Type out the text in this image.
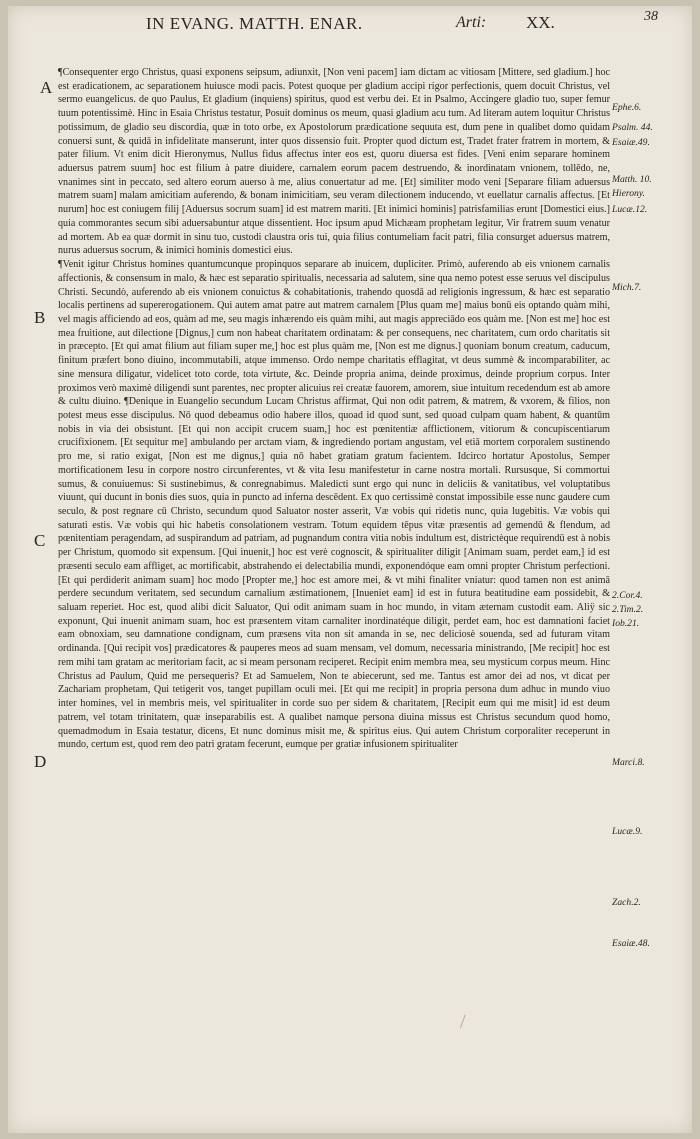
IN EVANG. MATTH. ENAR.	Arti: XX.	38
A
B
C
D

¶Consequenter ergo Christus, quasi exponens seipsum, adiunxit, [Non veni pacem] iam dictam ac vitiosam [Mittere, sed gladium.] hoc est eradicationem, ac separationem huiusce modi pacis. Potest quoque per gladium accipi rigor perfectionis, quem docuit Christus, vel sermo euangelicus. de quo Paulus, Et gladium (inquiens) spiritus, quod est verbu dei. Et in Psalmo, Accingere gladio tuo, super femur tuum potentissimè. Hinc in Esaia Christus testatur, Posuit dominus os meum, quasi gladium acu tum. Ad literam autem loquitur Christus potissimum, de gladio seu discordia, quæ in toto orbe, ex Apostolorum prædicatione sequuta est, dum pene in qualibet domo quidam conuersi sunt, & quidā in infidelitate manserunt, inter quos dissensio fuit. Propter quod dictum est, Tradet frater fratrem in mortem, & pater filium. Vt enim dicit Hieronymus, Nullus fidus affectus inter eos est, quoru diuersa est fides. [Veni enim separare hominem aduersus patrem suum] hoc est filium à patre diuidere, carnalem eorum pacem destruendo, & inordinatam vnionem, tollēdo, ne, vnanimes sint in peccato, sed altero eorum auerso à me, alius conuertatur ad me. [Et] similiter modo veni [Separare filiam aduersus matrem suam] malam amicitiam auferendo, & bonam inimicitiam, seu veram dilectionem inducendo, vt euellatur carnalis affectus. [Et nurum] hoc est coniugem filij [Aduersus socrum suam] id est matrem mariti. [Et inimici hominis] patrisfamilias erunt [Domestici eius.] quia commorantes secum sibi aduersabuntur atque dissentient. Hoc ipsum apud Michæam prophetam legitur, Vir fratrem suum venatur ad mortem. Ab ea quæ dormit in sinu tuo, custodi claustra oris tui, quia filius contumeliam facit patri, filia consurget aduersus matrem, nurus aduersus socrum, & inimici hominis domestici eius.

¶Venit igitur Christus homines quantumcunque propinquos separare ab inuicem, dupliciter. Primò, auferendo ab eis vnionem carnalis affectionis, & consensum in malo, & hæc est separatio spiritualis, necessaria ad salutem, sine qua nemo potest esse seruus vel discipulus Christi. Secundò, auferendo ab eis vnionem conuictus & cohabitationis, trahendo quosdā ad religionis ingressum, & hæc est separatio localis pertinens ad supererogationem. Qui autem amat patre aut matrem carnalem [Plus quam me] maius bonū eis optando quàm mihi, vel magis afficiendo ad eos, quàm ad me, seu magis inhærendo eis quàm mihi, aut magis appreciādo eos quàm me. [Non est me] hoc est mea fruitione, aut dilectione [Dignus,] cum non habeat charitatem ordinatam: & per consequens, nec charitatem, cum ordo charitatis sit in præcepto. [Et qui amat filium aut filiam super me,] hoc est plus quàm me, [Non est me dignus.] quoniam bonum creatum, caducum, finitum præfert bono diuino, incommutabili, atque immenso. Ordo nempe charitatis efflagitat, vt deus summè & incomparabiliter, ac sine mensura diligatur, videlicet toto corde, tota virtute, &c. Deinde propria anima, deinde proximus, deinde proprium corpus. Inter proximos verò maximè diligendi sunt parentes, nec propter alicuius rei creatæ fauorem, amorem, siue intuitum recedendum est ab amore & cultu diuino. ¶Denique in Euangelio secundum Lucam Christus affirmat, Qui non odit patrem, & matrem, & vxorem, & filios, non potest meus esse discipulus. Nō quod debeamus odio habere illos, quoad id quod sunt, sed quoad culpam quam habent, & quantūm nobis in via dei obsistunt. [Et qui non accipit crucem suam,] hoc est pœnitentiæ afflictionem, vitiorum & concupiscentiarum crucifixionem. [Et sequitur me] ambulando per arctam viam, & ingrediendo portam angustam, vel etiā mortem corporalem sustinendo pro me, si ratio exigat, [Non est me dignus,] quia nō habet gratiam gratum facientem. Idcirco hortatur Apostolus, Semper mortificationem Iesu in corpore nostro circunferentes, vt & vita Iesu manifestetur in carne nostra mortali. Rursusque, Si commortui sumus, & conuiuemus: Si sustinebimus, & conregnabimus. Maledicti sunt ergo qui nunc in deliciis & vanitatibus, vel voluptatibus viuunt, qui ducunt in bonis dies suos, quia in puncto ad inferna descēdent. Ex quo certissimè constat impossibile esse nunc gaudere cum seculo, & post regnare cū Christo, secundum quod Saluator noster asserit, Væ vobis qui ridetis nunc, quia lugebitis. Væ vobis qui saturati estis. Væ vobis qui hic habetis consolationem vestram. Totum equidem tēpus vitæ præsentis ad gemendū & flendum, ad pœnitentiam peragendam, ad suspirandum ad patriam, ad pugnandum contra vitia nobis indultum est, districtèque requirendū est à nobis per Christum, quomodo sit expensum. [Qui inuenit,] hoc est verè cognoscit, & spiritualiter diligit [Animam suam, perdet eam,] id est præsenti seculo eam affliget, ac mortificabit, abstrahendo ei delectabilia mundi, exponendóque eam omni propter Christum perfectioni. [Et qui perdiderit animam suam] hoc modo [Propter me,] hoc est amore mei, & vt mihi finaliter vniatur: quod tamen non est animā perdere secundum veritatem, sed secundum carnalium æstimationem, [Inueniet eam] id est in futura beatitudine eam possidebit, & saluam reperiet. Hoc est, quod alibi dicit Saluator, Qui odit animam suam in hoc mundo, in vitam æternam custodit eam. Aliÿ sic exponunt, Qui inuenit animam suam, hoc est præsentem vitam carnaliter inordinatéque diligit, perdet eam, hoc est damnationi faciet eam obnoxiam, seu damnatione condignam, cum præsens vita non sit amanda in se, nec deliciosè souenda, sed ad futuram vitam ordinanda. [Qui recipit vos] prædicatores & pauperes meos ad suam mensam, vel domum, necessaria ministrando, [Me recipit] hoc est rem mihi tam gratam ac meritoriam facit, ac si meam personam reciperet. Recipit enim membra mea, seu mysticum corpus meum. Hinc Christus ad Paulum, Quid me persequeris? Et ad Samuelem, Non te abiecerunt, sed me. Tantus est amor dei ad nos, vt dicat per Zachariam prophetam, Qui tetigerit vos, tanget pupillam oculi mei. [Et qui me recipit] in propria persona dum adhuc in mundo viuo inter homines, vel in membris meis, vel spiritualiter in corde suo per sidem & charitatem, [Recipit eum qui me misit] id est deum patrem, vel totam trinitatem, quæ inseparabilis est. A qualibet namque persona diuina missus est Christus secundum quod homo, quemadmodum in Esaia testatur, dicens, Et nunc dominus misit me, & spiritus eius. Qui autem Christum corporaliter receperunt in mundo, certum est, quod rem deo patri gratam fecerunt, eumque per gratiæ infusionem spiritualiter

Ephe.6.
Psalm. 44.
Esaiæ.49.
Matth. 10.
Hierony.
Lucæ.12.
Mich.7.
2.Cor.4.
2.Tim.2.
Iob.21.
Marci.8.
Lucæ.9.
Zach.2.
Esaiæ.48.
